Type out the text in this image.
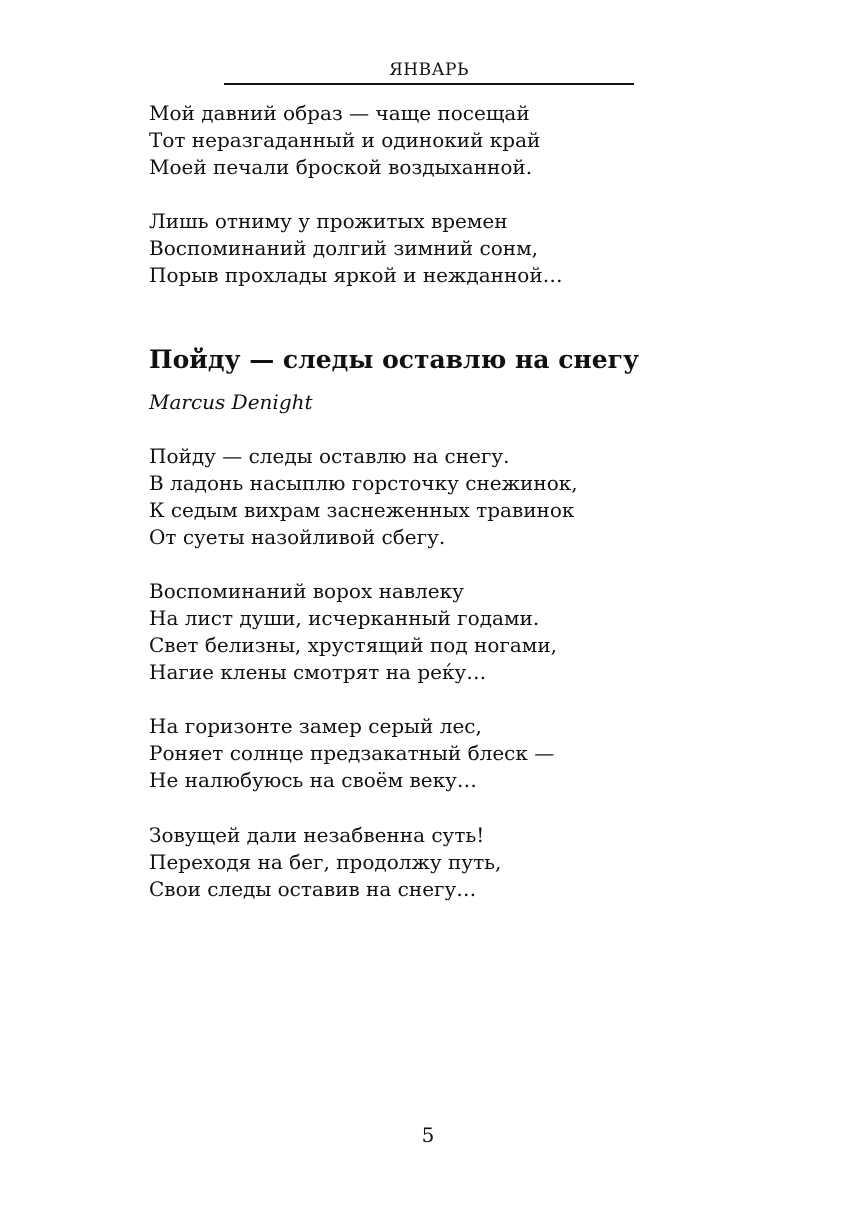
ЯНВАРЬ

Мой давний образ — чаще посещай
Тот неразгаданный и одинокий край
Моей печали броской воздыханной.

Лишь отниму у прожитых времен
Воспоминаний долгий зимний сонм,
Порыв прохлады яркой и нежданной…

Пойду — следы оставлю на снегу

Marcus Denight

Пойду — следы оставлю на снегу.
В ладонь насыплю горсточку снежинок,
К седым вихрам заснеженных травинок
От суеты назойливой сбегу.

Воспоминаний ворох навлеку
На лист души, исчерканный годами.
Свет белизны, хрустящий под ногами,
Нагие клены смотрят на реќу…

На горизонте замер серый лес,
Роняет солнце предзакатный блеск —
Не налюбуюсь на своём веку…

Зовущей дали незабвенна суть!
Переходя на бег, продолжу путь,
Свои следы оставив на снегу…

5
